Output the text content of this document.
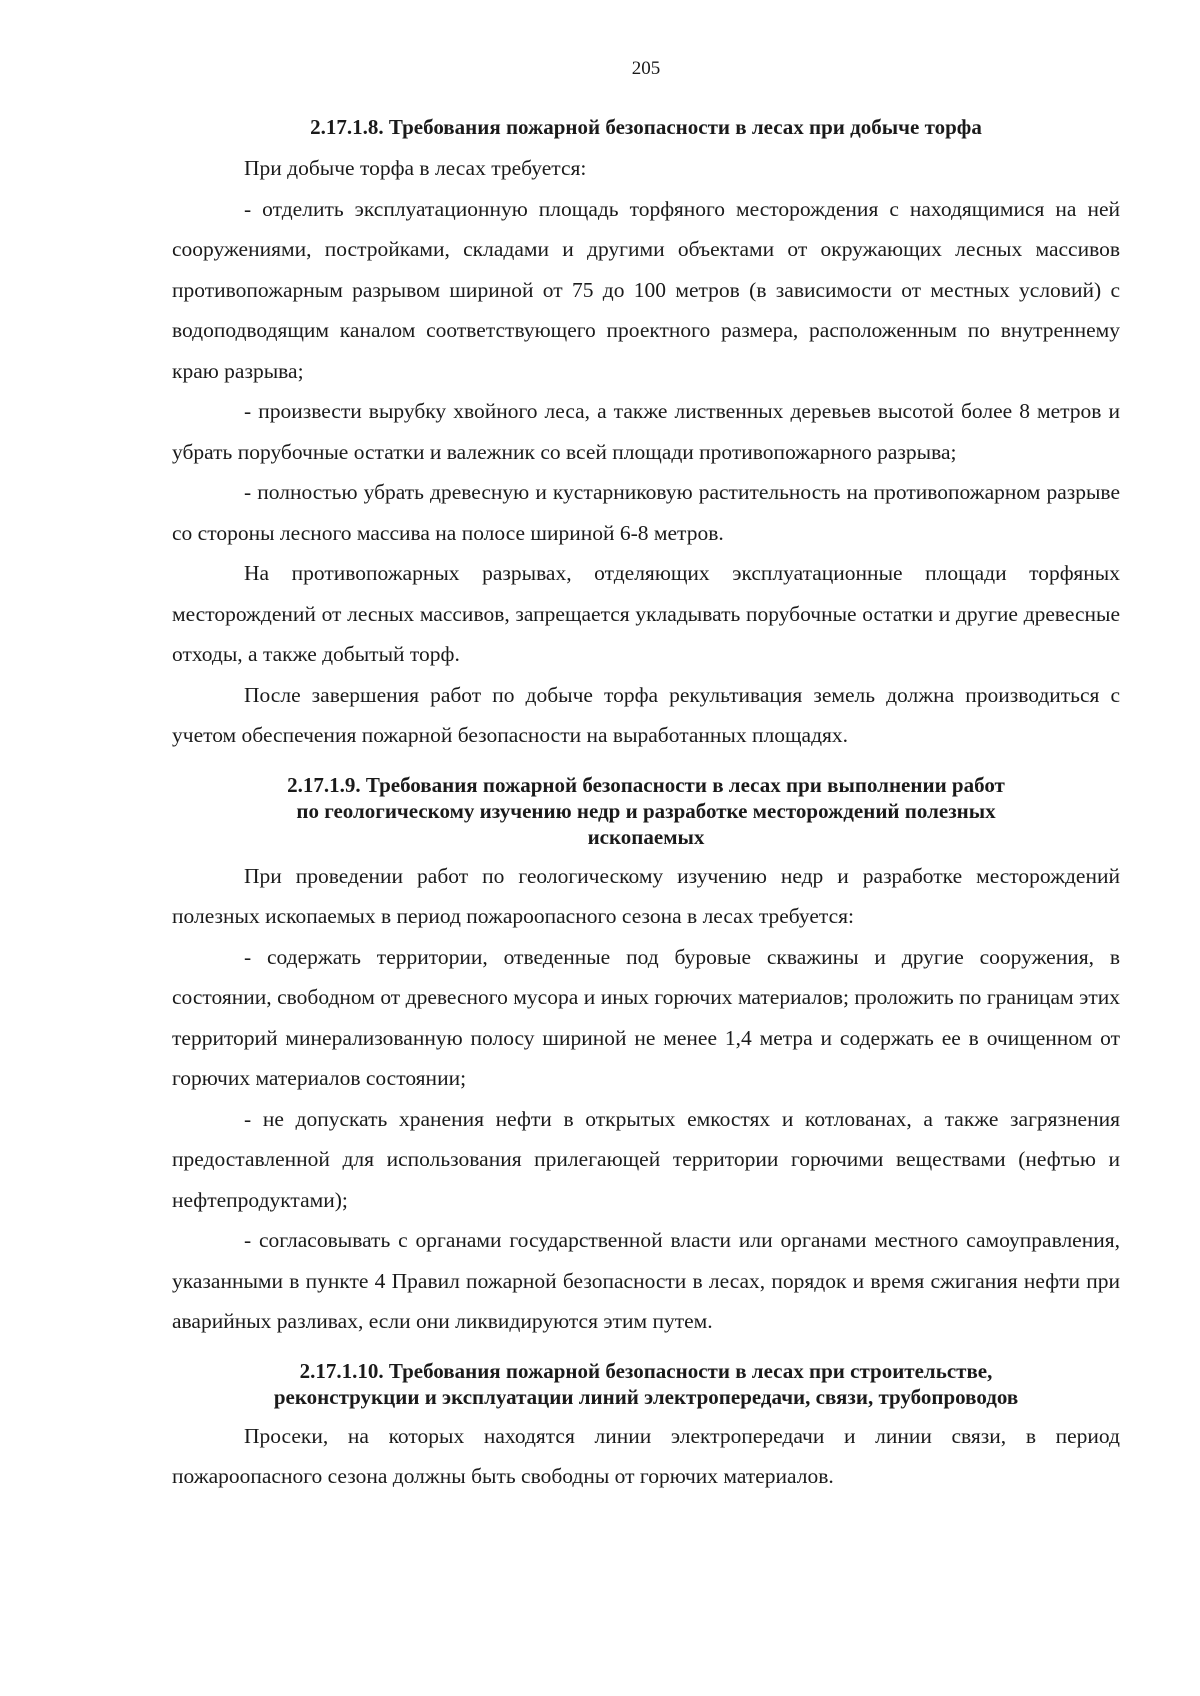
205
2.17.1.8. Требования пожарной безопасности в лесах при добыче торфа

При добыче торфа в лесах требуется:

- отделить эксплуатационную площадь торфяного месторождения с находящимися на ней сооружениями, постройками, складами и другими объектами от окружающих лесных массивов противопожарным разрывом шириной от 75 до 100 метров (в зависимости от местных условий) с водоподводящим каналом соответствующего проектного размера, расположенным по внутреннему краю разрыва;

- произвести вырубку хвойного леса, а также лиственных деревьев высотой более 8 метров и убрать порубочные остатки и валежник со всей площади противопожарного разрыва;

- полностью убрать древесную и кустарниковую растительность на противопожарном разрыве со стороны лесного массива на полосе шириной 6-8 метров.

На противопожарных разрывах, отделяющих эксплуатационные площади торфяных месторождений от лесных массивов, запрещается укладывать порубочные остатки и другие древесные отходы, а также добытый торф.

После завершения работ по добыче торфа рекультивация земель должна производиться с учетом обеспечения пожарной безопасности на выработанных площадях.

2.17.1.9. Требования пожарной безопасности в лесах при выполнении работ
по геологическому изучению недр и разработке месторождений полезных
ископаемых

При проведении работ по геологическому изучению недр и разработке месторождений полезных ископаемых в период пожароопасного сезона в лесах требуется:

- содержать территории, отведенные под буровые скважины и другие сооружения, в состоянии, свободном от древесного мусора и иных горючих материалов; проложить по границам этих территорий минерализованную полосу шириной не менее 1,4 метра и содержать ее в очищенном от горючих материалов состоянии;

- не допускать хранения нефти в открытых емкостях и котлованах, а также загрязнения предоставленной для использования прилегающей территории горючими веществами (нефтью и нефтепродуктами);

- согласовывать с органами государственной власти или органами местного самоуправления, указанными в пункте 4 Правил пожарной безопасности в лесах, порядок и время сжигания нефти при аварийных разливах, если они ликвидируются этим путем.

2.17.1.10. Требования пожарной безопасности в лесах при строительстве,
реконструкции и эксплуатации линий электропередачи, связи, трубопроводов

Просеки, на которых находятся линии электропередачи и линии связи, в период пожароопасного сезона должны быть свободны от горючих материалов.
